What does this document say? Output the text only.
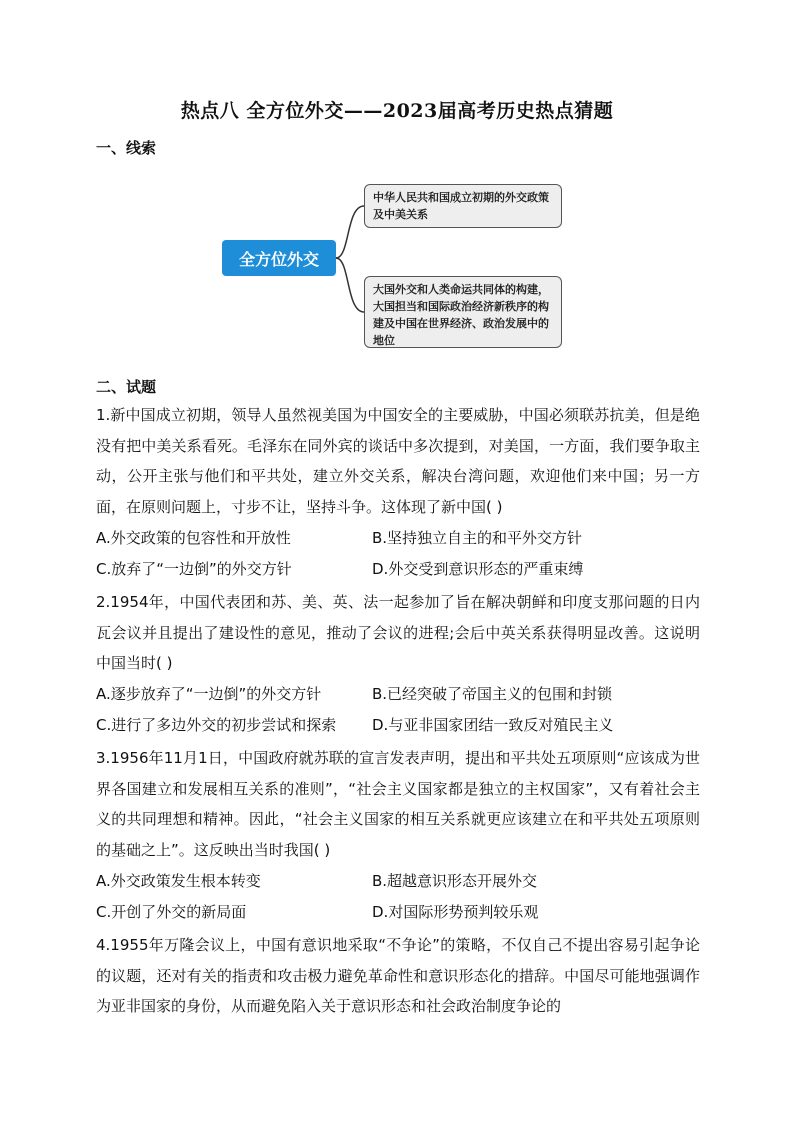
热点八 全方位外交——2023届高考历史热点猜题
一、线索
全方位外交
中华人民共和国成立初期的外交政策及中美关系
大国外交和人类命运共同体的构建，大国担当和国际政治经济新秩序的构建及中国在世界经济、政治发展中的地位
二、试题
1.新中国成立初期，领导人虽然视美国为中国安全的主要威胁，中国必须联苏抗美，但是绝没有把中美关系看死。毛泽东在同外宾的谈话中多次提到，对美国，一方面，我们要争取主动，公开主张与他们和平共处，建立外交关系，解决台湾问题，欢迎他们来中国；另一方面，在原则问题上，寸步不让，坚持斗争。这体现了新中国( )
A.外交政策的包容性和开放性	B.坚持独立自主的和平外交方针
C.放弃了“一边倒”的外交方针	D.外交受到意识形态的严重束缚
2.1954年，中国代表团和苏、美、英、法一起参加了旨在解决朝鲜和印度支那问题的日内瓦会议并且提出了建设性的意见，推动了会议的进程;会后中英关系获得明显改善。这说明中国当时( )
A.逐步放弃了“一边倒”的外交方针	B.已经突破了帝国主义的包围和封锁
C.进行了多边外交的初步尝试和探索	D.与亚非国家团结一致反对殖民主义
3.1956年11月1日，中国政府就苏联的宣言发表声明，提出和平共处五项原则“应该成为世界各国建立和发展相互关系的准则”，“社会主义国家都是独立的主权国家”，又有着社会主义的共同理想和精神。因此，“社会主义国家的相互关系就更应该建立在和平共处五项原则的基础之上”。这反映出当时我国( )
A.外交政策发生根本转变	B.超越意识形态开展外交
C.开创了外交的新局面	D.对国际形势预判较乐观
4.1955年万隆会议上，中国有意识地采取“不争论”的策略，不仅自己不提出容易引起争论的议题，还对有关的指责和攻击极力避免革命性和意识形态化的措辞。中国尽可能地强调作为亚非国家的身份，从而避免陷入关于意识形态和社会政治制度争论的
